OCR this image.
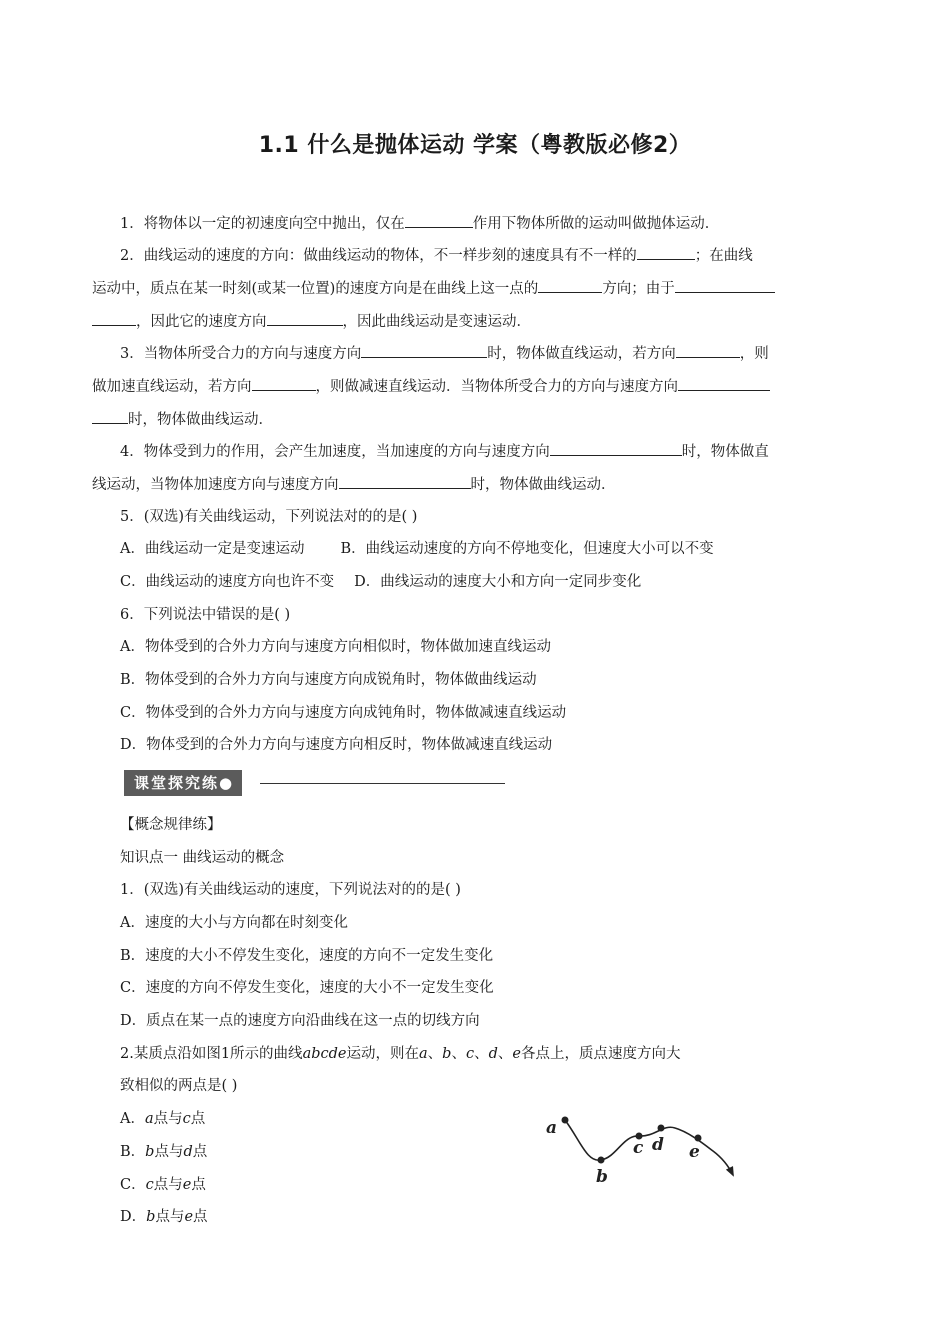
1.1 什么是抛体运动 学案（粤教版必修2）
1．将物体以一定的初速度向空中抛出，仅在	作用下物体所做的运动叫做抛体运动．
2．曲线运动的速度的方向：做曲线运动的物体，不一样步刻的速度具有不一样的	；在曲线
运动中，质点在某一时刻(或某一位置)的速度方向是在曲线上这一点的	方向；由于
，因此它的速度方向	，因此曲线运动是变速运动．
3．当物体所受合力的方向与速度方向	时，物体做直线运动，若方向	，则
做加速直线运动，若方向	，则做减速直线运动．当物体所受合力的方向与速度方向
时，物体做曲线运动．
4．物体受到力的作用，会产生加速度，当加速度的方向与速度方向	时，物体做直
线运动，当物体加速度方向与速度方向	时，物体做曲线运动．
5．(双选)有关曲线运动，下列说法对的的是( )
A．曲线运动一定是变速运动 B．曲线运动速度的方向不停地变化，但速度大小可以不变
C．曲线运动的速度方向也许不变 D．曲线运动的速度大小和方向一定同步变化
6．下列说法中错误的是( )
A．物体受到的合外力方向与速度方向相似时，物体做加速直线运动
B．物体受到的合外力方向与速度方向成锐角时，物体做曲线运动
C．物体受到的合外力方向与速度方向成钝角时，物体做减速直线运动
D．物体受到的合外力方向与速度方向相反时，物体做减速直线运动
课堂探究练●
【概念规律练】
知识点一 曲线运动的概念
1．(双选)有关曲线运动的速度，下列说法对的的是( )
A．速度的大小与方向都在时刻变化
B．速度的大小不停发生变化，速度的方向不一定发生变化
C．速度的方向不停发生变化，速度的大小不一定发生变化
D．质点在某一点的速度方向沿曲线在这一点的切线方向
2.某质点沿如图1所示的曲线abcde运动，则在a、b、c、d、e各点上，质点速度方向大
致相似的两点是( )
A．a点与c点
B．b点与d点
C．c点与e点
D．b点与e点
a
b
c d e
